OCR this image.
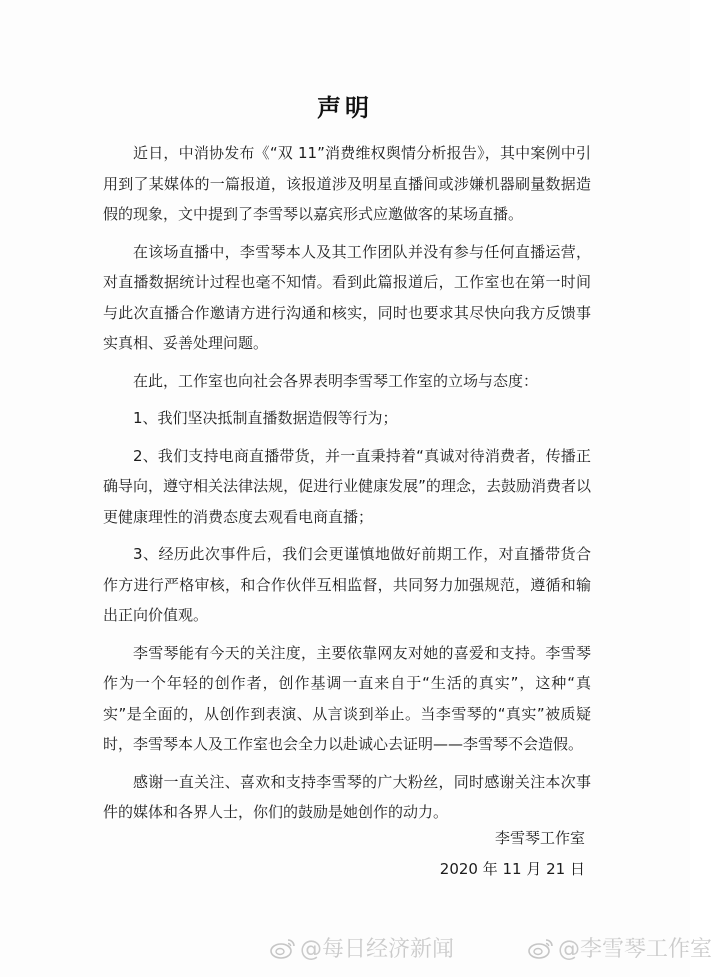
声明

近日，中消协发布《“双 11”消费维权舆情分析报告》，其中案例中引用到了某媒体的一篇报道，该报道涉及明星直播间或涉嫌机器刷量数据造假的现象，文中提到了李雪琴以嘉宾形式应邀做客的某场直播。

在该场直播中，李雪琴本人及其工作团队并没有参与任何直播运营，对直播数据统计过程也毫不知情。看到此篇报道后，工作室也在第一时间与此次直播合作邀请方进行沟通和核实，同时也要求其尽快向我方反馈事实真相、妥善处理问题。

在此，工作室也向社会各界表明李雪琴工作室的立场与态度：

1、我们坚决抵制直播数据造假等行为；

2、我们支持电商直播带货，并一直秉持着“真诚对待消费者，传播正确导向，遵守相关法律法规，促进行业健康发展”的理念，去鼓励消费者以更健康理性的消费态度去观看电商直播；

3、经历此次事件后，我们会更谨慎地做好前期工作，对直播带货合作方进行严格审核，和合作伙伴互相监督，共同努力加强规范，遵循和输出正向价值观。

李雪琴能有今天的关注度，主要依靠网友对她的喜爱和支持。李雪琴作为一个年轻的创作者，创作基调一直来自于“生活的真实”，这种“真实”是全面的，从创作到表演、从言谈到举止。当李雪琴的“真实”被质疑时，李雪琴本人及工作室也会全力以赴诚心去证明——李雪琴不会造假。

感谢一直关注、喜欢和支持李雪琴的广大粉丝，同时感谢关注本次事件的媒体和各界人士，你们的鼓励是她创作的动力。

李雪琴工作室
2020 年 11 月 21 日
@每日经济新闻	@李雪琴工作室
